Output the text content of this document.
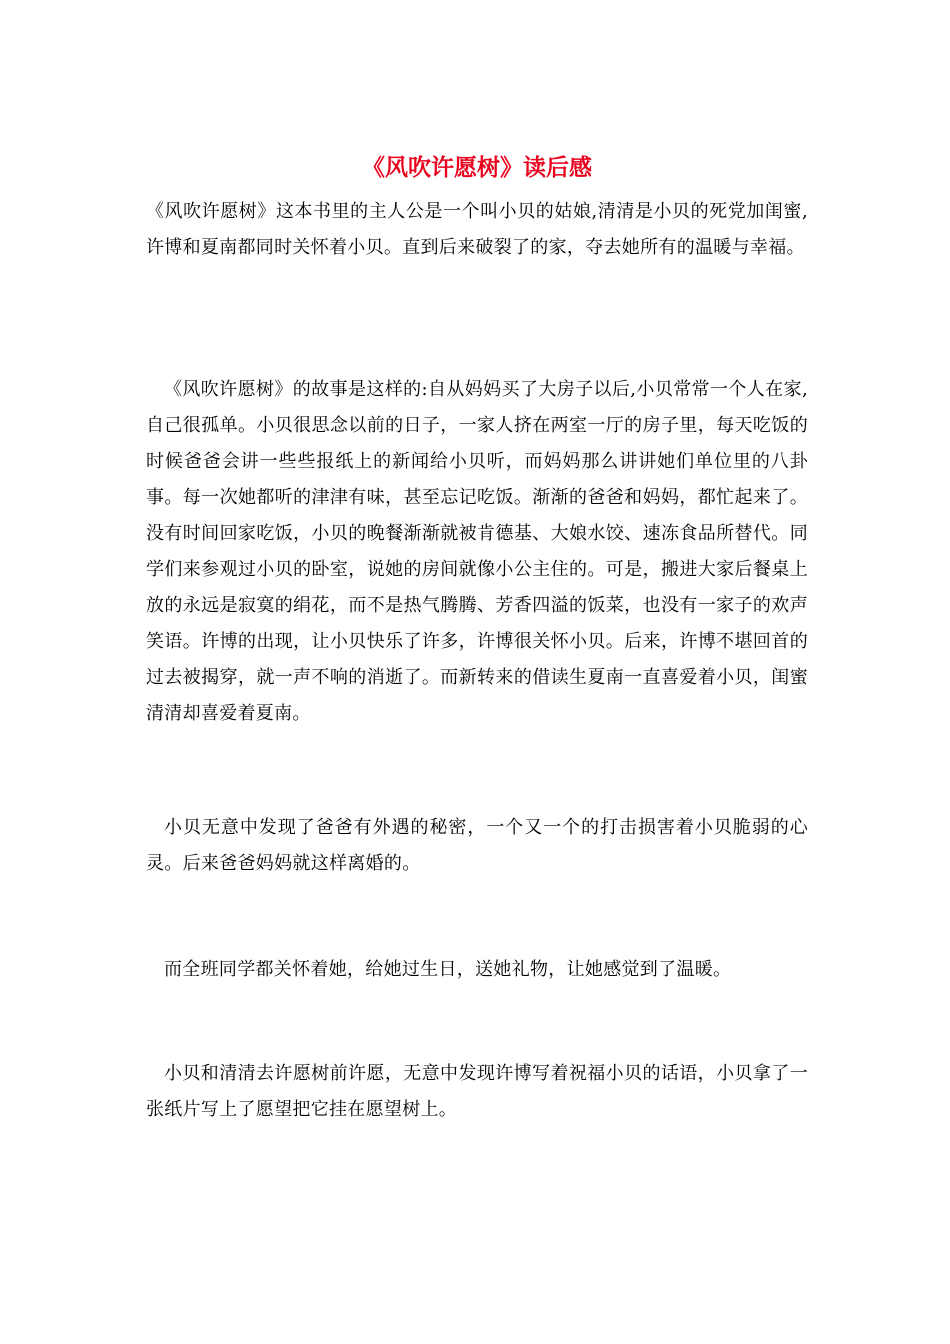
《风吹许愿树》读后感

《风吹许愿树》这本书里的主人公是一个叫小贝的姑娘,清清是小贝的死党加闺蜜,许博和夏南都同时关怀着小贝。直到后来破裂了的家，夺去她所有的温暖与幸福。

《风吹许愿树》的故事是这样的:自从妈妈买了大房子以后,小贝常常一个人在家,自己很孤单。小贝很思念以前的日子，一家人挤在两室一厅的房子里，每天吃饭的时候爸爸会讲一些些报纸上的新闻给小贝听，而妈妈那么讲讲她们单位里的八卦事。每一次她都听的津津有味，甚至忘记吃饭。渐渐的爸爸和妈妈，都忙起来了。没有时间回家吃饭，小贝的晚餐渐渐就被肯德基、大娘水饺、速冻食品所替代。同学们来参观过小贝的卧室，说她的房间就像小公主住的。可是，搬进大家后餐桌上放的永远是寂寞的绢花，而不是热气腾腾、芳香四溢的饭菜，也没有一家子的欢声笑语。许博的出现，让小贝快乐了许多，许博很关怀小贝。后来，许博不堪回首的过去被揭穿，就一声不响的消逝了。而新转来的借读生夏南一直喜爱着小贝，闺蜜清清却喜爱着夏南。

小贝无意中发现了爸爸有外遇的秘密，一个又一个的打击损害着小贝脆弱的心灵。后来爸爸妈妈就这样离婚的。

而全班同学都关怀着她，给她过生日，送她礼物，让她感觉到了温暖。

小贝和清清去许愿树前许愿，无意中发现许博写着祝福小贝的话语，小贝拿了一张纸片写上了愿望把它挂在愿望树上。
